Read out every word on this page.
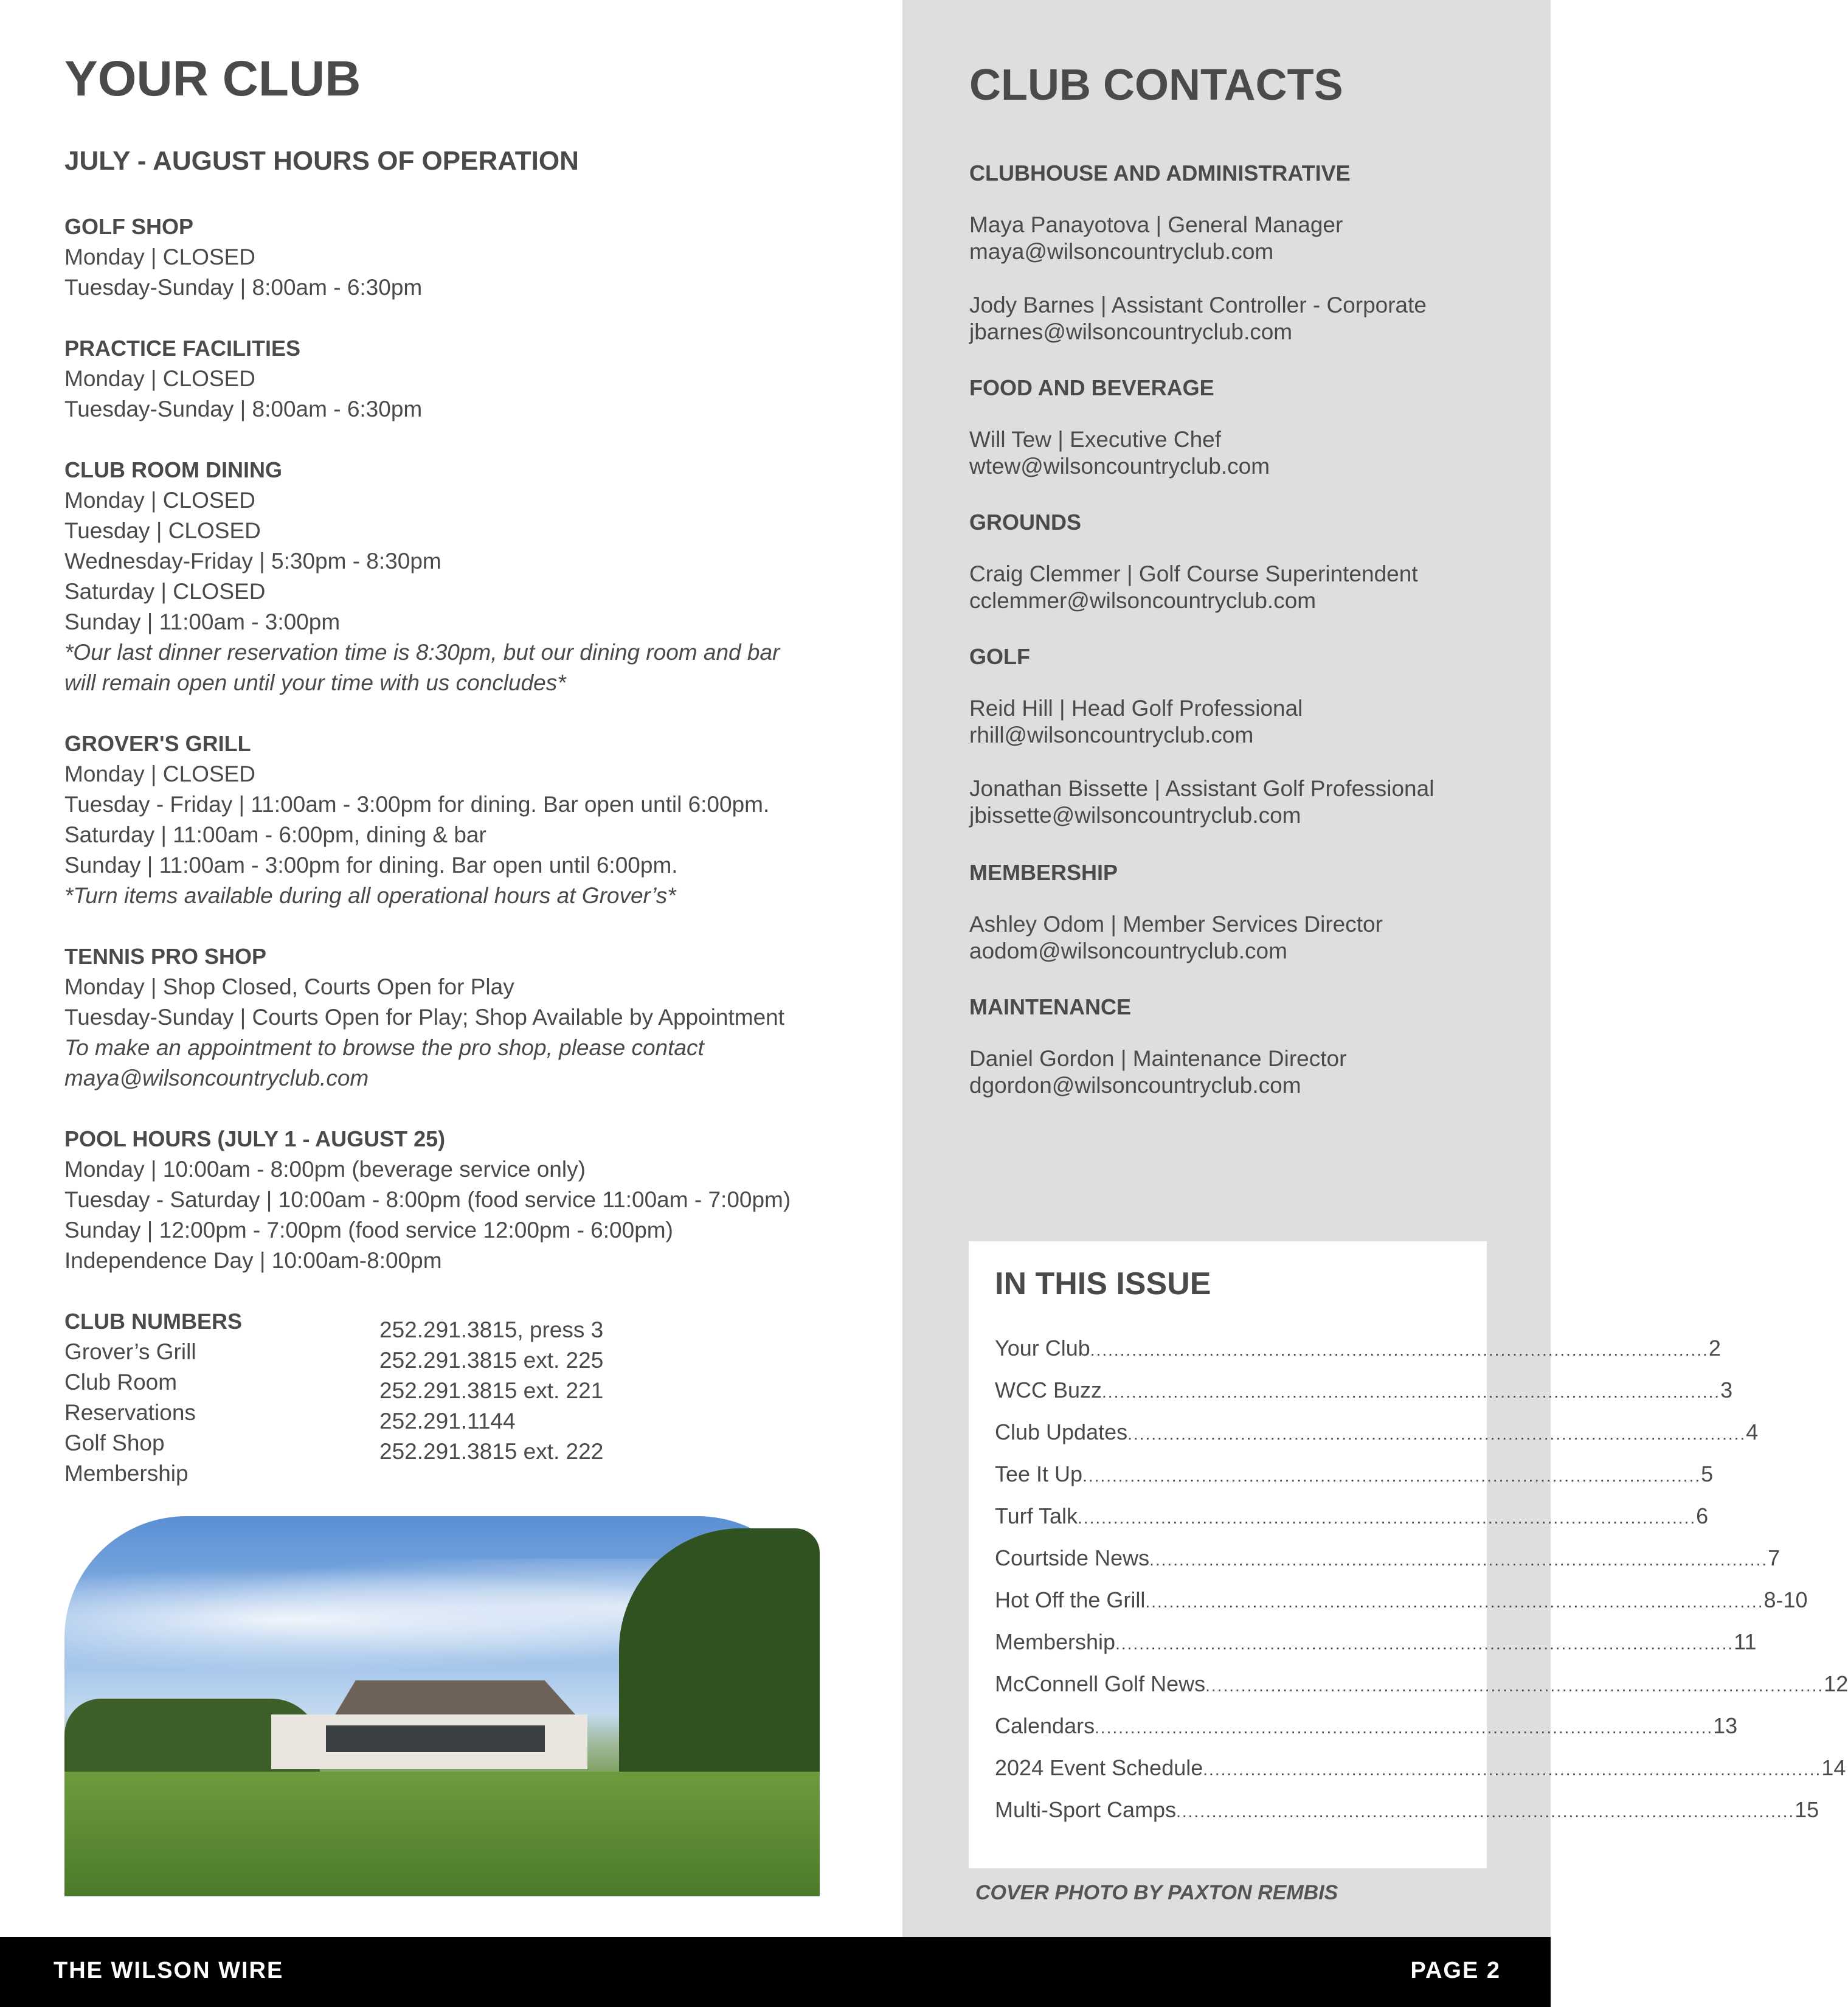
YOUR CLUB
JULY - AUGUST HOURS OF OPERATION
GOLF SHOP
Monday | CLOSED
Tuesday-Sunday | 8:00am - 6:30pm
PRACTICE FACILITIES
Monday | CLOSED
Tuesday-Sunday | 8:00am - 6:30pm
CLUB ROOM DINING
Monday | CLOSED
Tuesday | CLOSED
Wednesday-Friday | 5:30pm - 8:30pm
Saturday | CLOSED
Sunday | 11:00am - 3:00pm
*Our last dinner reservation time is 8:30pm, but our dining room and bar
will remain open until your time with us concludes*
GROVER'S GRILL
Monday | CLOSED
Tuesday - Friday | 11:00am - 3:00pm for dining. Bar open until 6:00pm.
Saturday | 11:00am - 6:00pm, dining & bar
Sunday | 11:00am - 3:00pm for dining. Bar open until 6:00pm.
*Turn items available during all operational hours at Grover’s*
TENNIS PRO SHOP
Monday | Shop Closed, Courts Open for Play
Tuesday-Sunday | Courts Open for Play; Shop Available by Appointment
To make an appointment to browse the pro shop, please contact
maya@wilsoncountryclub.com
POOL HOURS (JULY 1 - AUGUST 25)
Monday | 10:00am - 8:00pm (beverage service only)
Tuesday - Saturday | 10:00am - 8:00pm (food service 11:00am - 7:00pm)
Sunday | 12:00pm - 7:00pm (food service 12:00pm - 6:00pm)
Independence Day | 10:00am-8:00pm
CLUB NUMBERS
Grover’s Grill
Club Room
Reservations
Golf Shop
Membership
252.291.3815, press 3
252.291.3815 ext. 225
252.291.3815 ext. 221
252.291.1144
252.291.3815 ext. 222
CLUB CONTACTS
CLUBHOUSE AND ADMINISTRATIVE
Maya Panayotova | General Manager
maya@wilsoncountryclub.com
Jody Barnes | Assistant Controller - Corporate
jbarnes@wilsoncountryclub.com
FOOD AND BEVERAGE
Will Tew | Executive Chef
wtew@wilsoncountryclub.com
GROUNDS
Craig Clemmer | Golf Course Superintendent
cclemmer@wilsoncountryclub.com
GOLF
Reid Hill | Head Golf Professional
rhill@wilsoncountryclub.com
Jonathan Bissette | Assistant Golf Professional
jbissette@wilsoncountryclub.com
MEMBERSHIP
Ashley Odom | Member Services Director
aodom@wilsoncountryclub.com
MAINTENANCE
Daniel Gordon | Maintenance Director
dgordon@wilsoncountryclub.com
IN THIS ISSUE
Your Club ........................................................................................................ 2
WCC Buzz ........................................................................................................ 3
Club Updates ........................................................................................................ 4
Tee It Up ........................................................................................................ 5
Turf Talk ........................................................................................................ 6
Courtside News ........................................................................................................ 7
Hot Off the Grill ........................................................................................................ 8-10
Membership ........................................................................................................ 11
McConnell Golf News ........................................................................................................ 12
Calendars ........................................................................................................ 13
2024 Event Schedule ........................................................................................................ 14
Multi-Sport Camps ........................................................................................................ 15
COVER PHOTO BY PAXTON REMBIS
THE WILSON WIRE	PAGE 2
